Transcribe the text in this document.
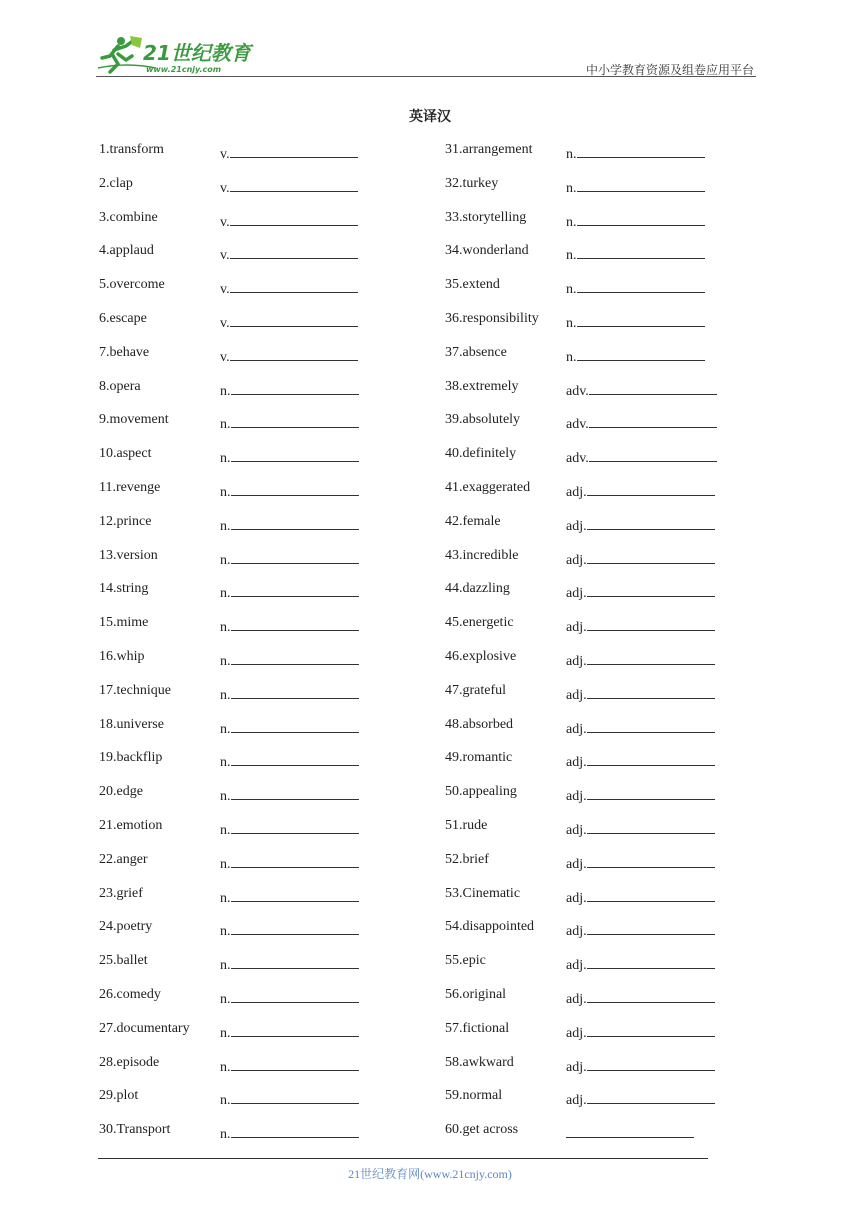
21世纪教育
www.21cnjy.com	中小学教育资源及组卷应用平台
英译汉
1.transform	v.
2.clap	v.
3.combine	v.
4.applaud	v.
5.overcome	v.
6.escape	v.
7.behave	v.
8.opera	n.
9.movement	n.
10.aspect	n.
11.revenge	n.
12.prince	n.
13.version	n.
14.string	n.
15.mime	n.
16.whip	n.
17.technique	n.
18.universe	n.
19.backflip	n.
20.edge	n.
21.emotion	n.
22.anger	n.
23.grief	n.
24.poetry	n.
25.ballet	n.
26.comedy	n.
27.documentary n.
28.episode	n.
29.plot	n.
30.Transport	n.
31.arrangement n.
32.turkey	n.
33.storytelling	n.
34.wonderland	n.
35.extend	n.
36.responsibility n.
37.absence	n.
38.extremely	adv.
39.absolutely	adv.
40.definitely	adv.
41.exaggerated	adj.
42.female	adj.
43.incredible	adj.
44.dazzling	adj.
45.energetic	adj.
46.explosive	adj.
47.grateful	adj.
48.absorbed	adj.
49.romantic	adj.
50.appealing	adj.
51.rude	adj.
52.brief	adj.
53.Cinematic	adj.
54.disappointed adj.
55.epic	adj.
56.original	adj.
57.fictional	adj.
58.awkward	adj.
59.normal	adj.
60.get across
21世纪教育网(www.21cnjy.com)
